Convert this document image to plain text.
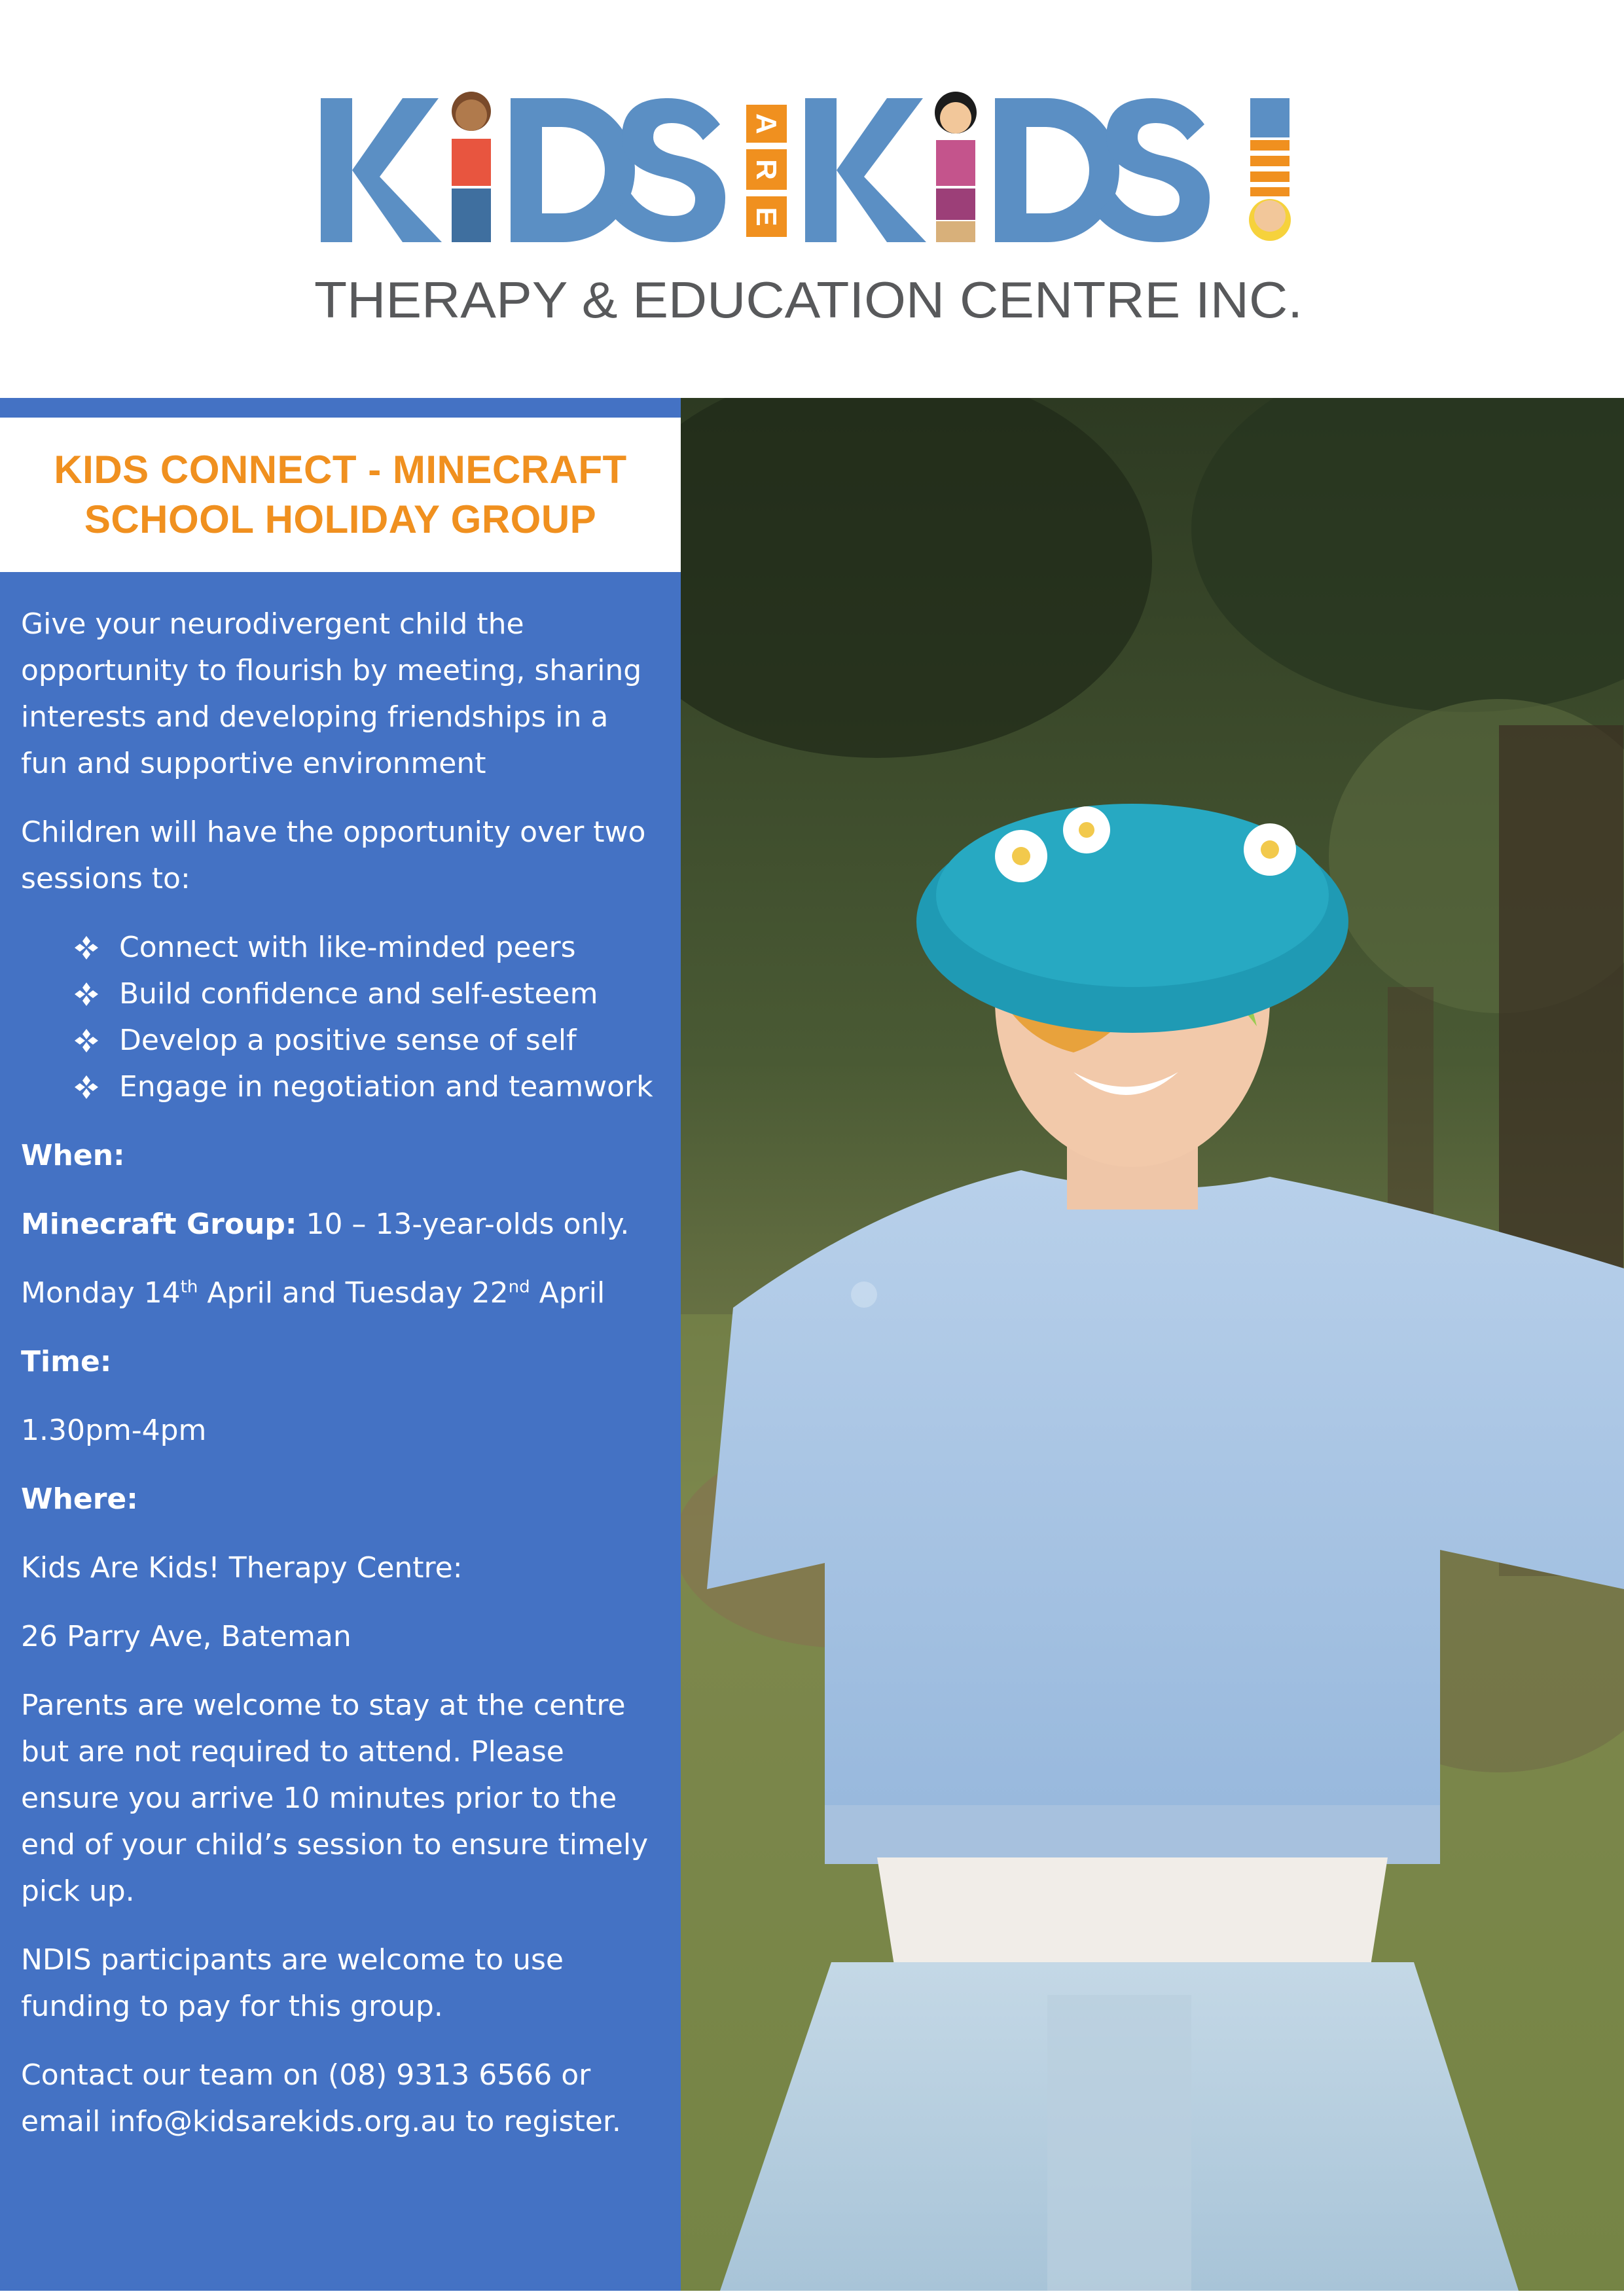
A
R
E
THERAPY & EDUCATION CENTRE INC.
KIDS CONNECT - MINECRAFT
SCHOOL HOLIDAY GROUP

Give your neurodivergent child the opportunity to flourish by meeting, sharing interests and developing friendships in a fun and supportive environment

Children will have the opportunity over two sessions to:

Connect with like-minded peers
Build confidence and self-esteem
Develop a positive sense of self
Engage in negotiation and teamwork

When:

Minecraft Group: 10 – 13-year-olds only.

Monday 14th April and Tuesday 22nd April

Time:

1.30pm-4pm

Where:

Kids Are Kids! Therapy Centre:

26 Parry Ave, Bateman

Parents are welcome to stay at the centre but are not required to attend. Please ensure you arrive 10 minutes prior to the end of your child’s session to ensure timely pick up.

NDIS participants are welcome to use funding to pay for this group.

Contact our team on (08) 9313 6566 or email info@kidsarekids.org.au to register.
